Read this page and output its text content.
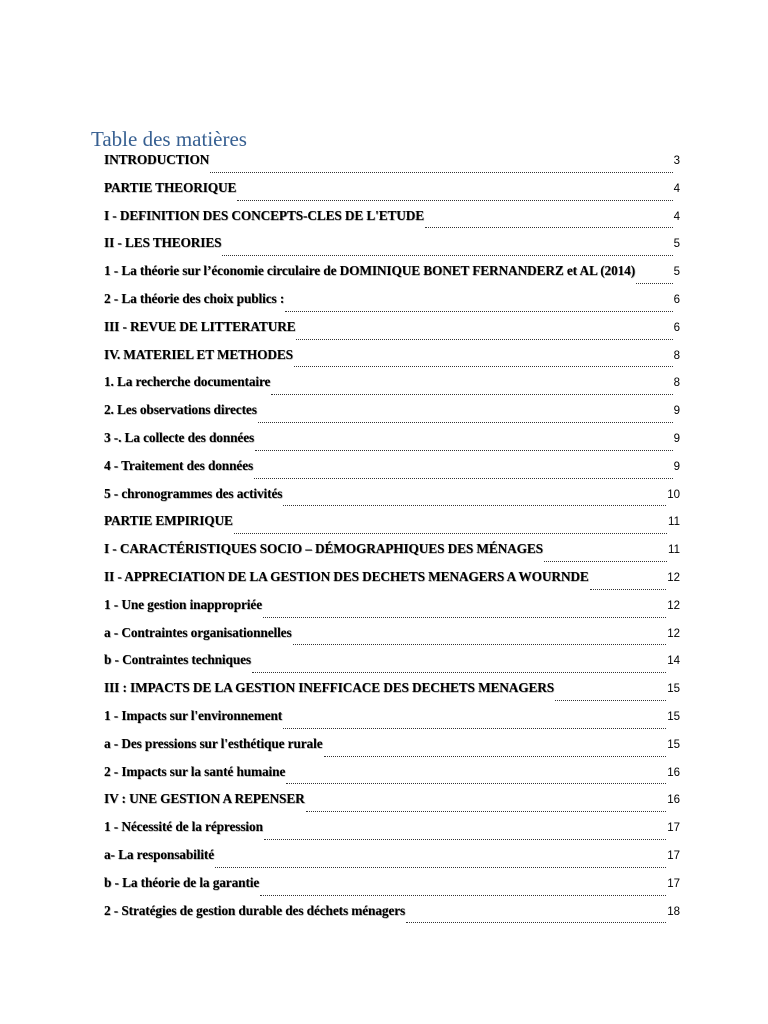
Table des matières
INTRODUCTION	3
PARTIE THEORIQUE	4
I - DEFINITION DES CONCEPTS-CLES DE L'ETUDE	4
II - LES THEORIES	5
1 - La théorie sur l’économie circulaire de DOMINIQUE BONET FERNANDERZ et AL (2014)	5
2 - La théorie des choix publics :	6
III - REVUE DE LITTERATURE	6
IV. MATERIEL ET METHODES	8
1. La recherche documentaire	8
2. Les observations directes	9
3 -. La collecte des données	9
4 - Traitement des données	9
5 - chronogrammes des activités	10
PARTIE EMPIRIQUE	11
I - CARACTÉRISTIQUES SOCIO – DÉMOGRAPHIQUES DES MÉNAGES	11
II - APPRECIATION DE LA GESTION DES DECHETS MENAGERS A WOURNDE	12
1 - Une gestion inappropriée	12
a - Contraintes organisationnelles	12
b - Contraintes techniques	14
III : IMPACTS DE LA GESTION INEFFICACE DES DECHETS MENAGERS	15
1 - Impacts sur l'environnement	15
a - Des pressions sur l'esthétique rurale	15
2 - Impacts sur la santé humaine	16
IV : UNE GESTION A REPENSER	16
1 - Nécessité de la répression	17
a- La responsabilité	17
b - La théorie de la garantie	17
2 - Stratégies de gestion durable des déchets ménagers	18
